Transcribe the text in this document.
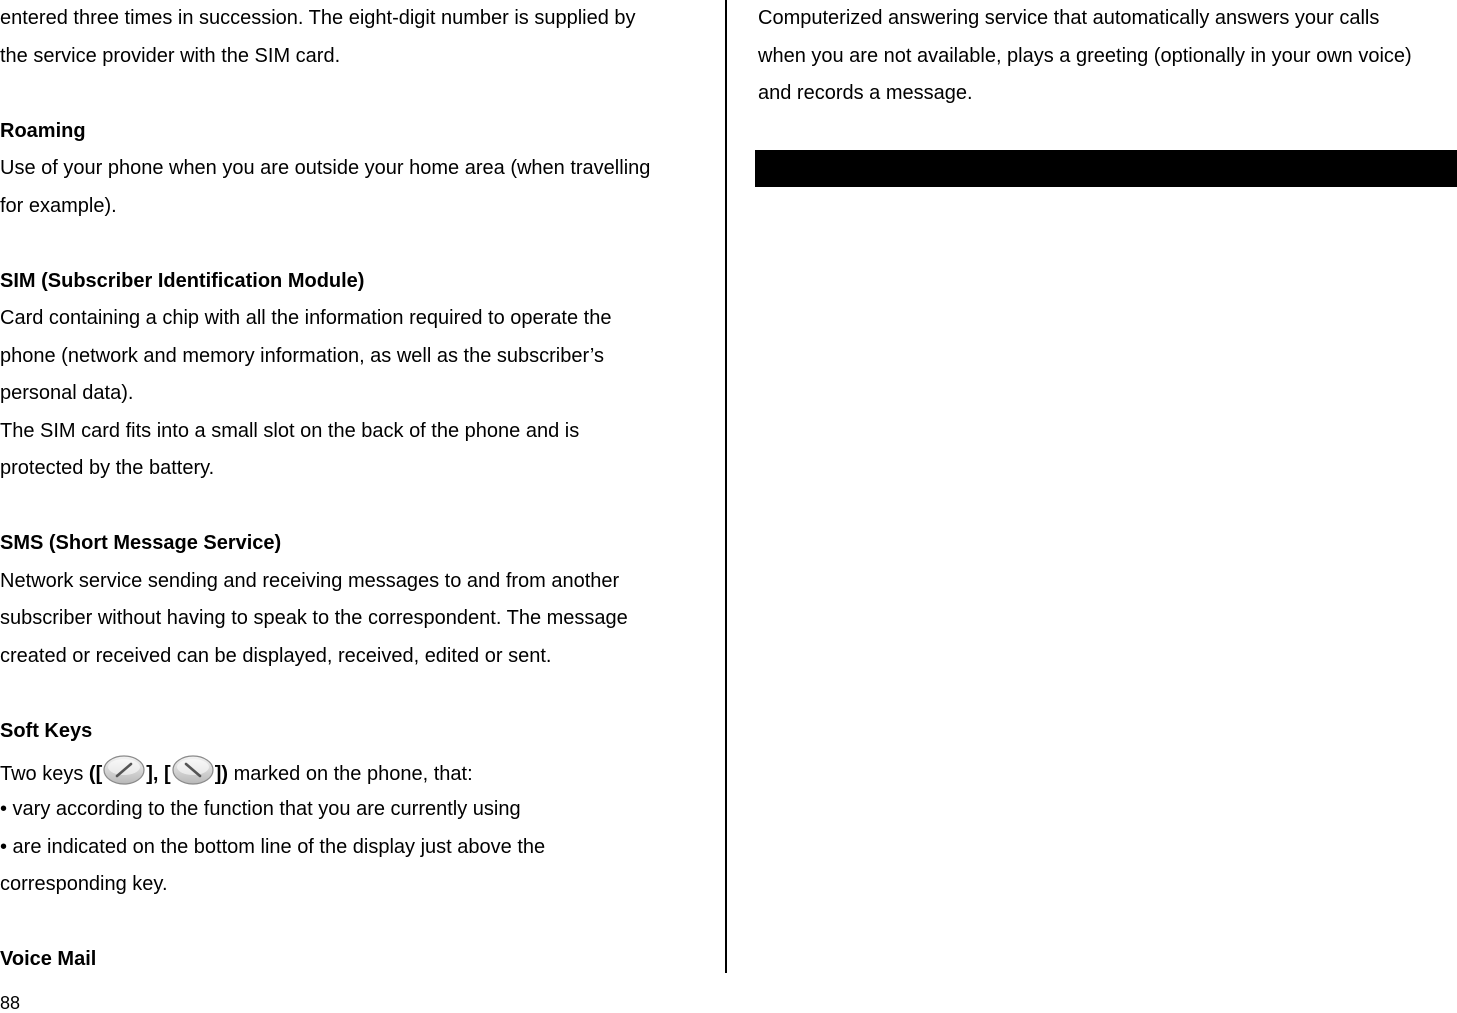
entered three times in succession. The eight-digit number is supplied by

the service provider with the SIM card.

Roaming

Use of your phone when you are outside your home area (when travelling

for example).

SIM (Subscriber Identification Module)

Card containing a chip with all the information required to operate the

phone (network and memory information, as well as the subscriber’s

personal data).

The SIM card fits into a small slot on the back of the phone and is

protected by the battery.

SMS (Short Message Service)

Network service sending and receiving messages to and from another

subscriber without having to speak to the correspondent. The message

created or received can be displayed, received, edited or sent.

Soft Keys

Two keys ([ ], [ ]) marked on the phone, that:

• vary according to the function that you are currently using

• are indicated on the bottom line of the display just above the

corresponding key.

Voice Mail

Computerized answering service that automatically answers your calls

when you are not available, plays a greeting (optionally in your own voice)

and records a message.

88
